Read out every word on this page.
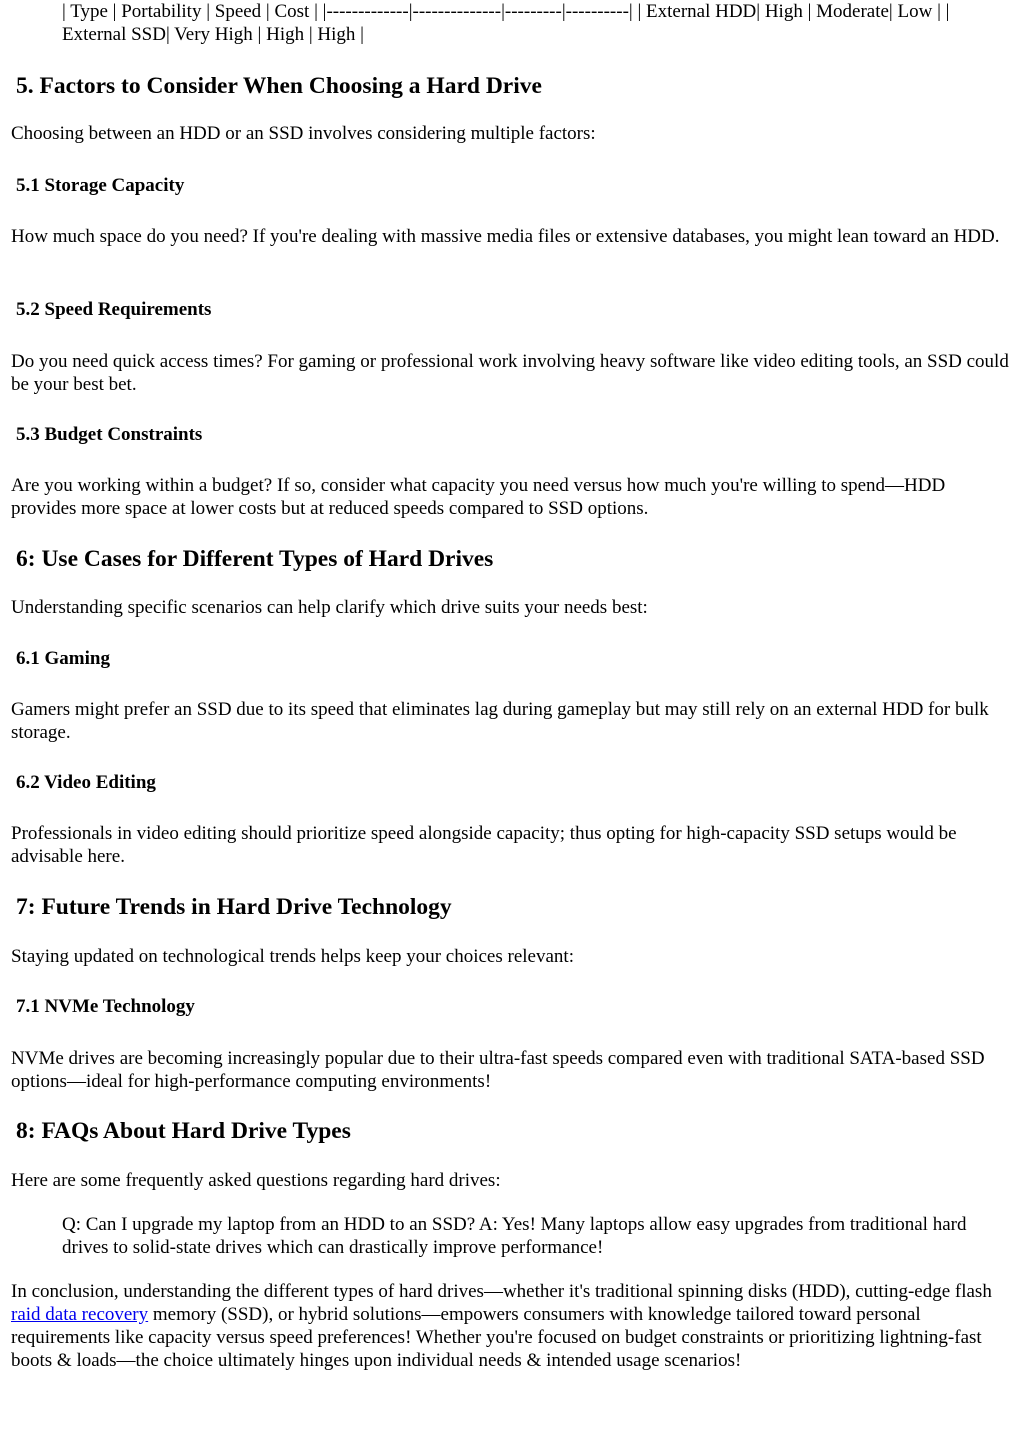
| Type | Portability | Speed | Cost | |-------------|--------------|---------|----------| | External HDD| High | Moderate| Low | | External SSD| Very High | High | High |

5. Factors to Consider When Choosing a Hard Drive

Choosing between an HDD or an SSD involves considering multiple factors:

5.1 Storage Capacity

How much space do you need? If you're dealing with massive media files or extensive databases, you might lean toward an HDD.

5.2 Speed Requirements

Do you need quick access times? For gaming or professional work involving heavy software like video editing tools, an SSD could be your best bet.

5.3 Budget Constraints

Are you working within a budget? If so, consider what capacity you need versus how much you're willing to spend—HDD provides more space at lower costs but at reduced speeds compared to SSD options.

6: Use Cases for Different Types of Hard Drives

Understanding specific scenarios can help clarify which drive suits your needs best:

6.1 Gaming

Gamers might prefer an SSD due to its speed that eliminates lag during gameplay but may still rely on an external HDD for bulk storage.

6.2 Video Editing

Professionals in video editing should prioritize speed alongside capacity; thus opting for high-capacity SSD setups would be advisable here.

7: Future Trends in Hard Drive Technology

Staying updated on technological trends helps keep your choices relevant:

7.1 NVMe Technology

NVMe drives are becoming increasingly popular due to their ultra-fast speeds compared even with traditional SATA-based SSD options—ideal for high-performance computing environments!

8: FAQs About Hard Drive Types

Here are some frequently asked questions regarding hard drives:

Q: Can I upgrade my laptop from an HDD to an SSD? A: Yes! Many laptops allow easy upgrades from traditional hard drives to solid-state drives which can drastically improve performance!

In conclusion, understanding the different types of hard drives—whether it's traditional spinning disks (HDD), cutting-edge flash raid data recovery memory (SSD), or hybrid solutions—empowers consumers with knowledge tailored toward personal requirements like capacity versus speed preferences! Whether you're focused on budget constraints or prioritizing lightning-fast boots & loads—the choice ultimately hinges upon individual needs & intended usage scenarios!
